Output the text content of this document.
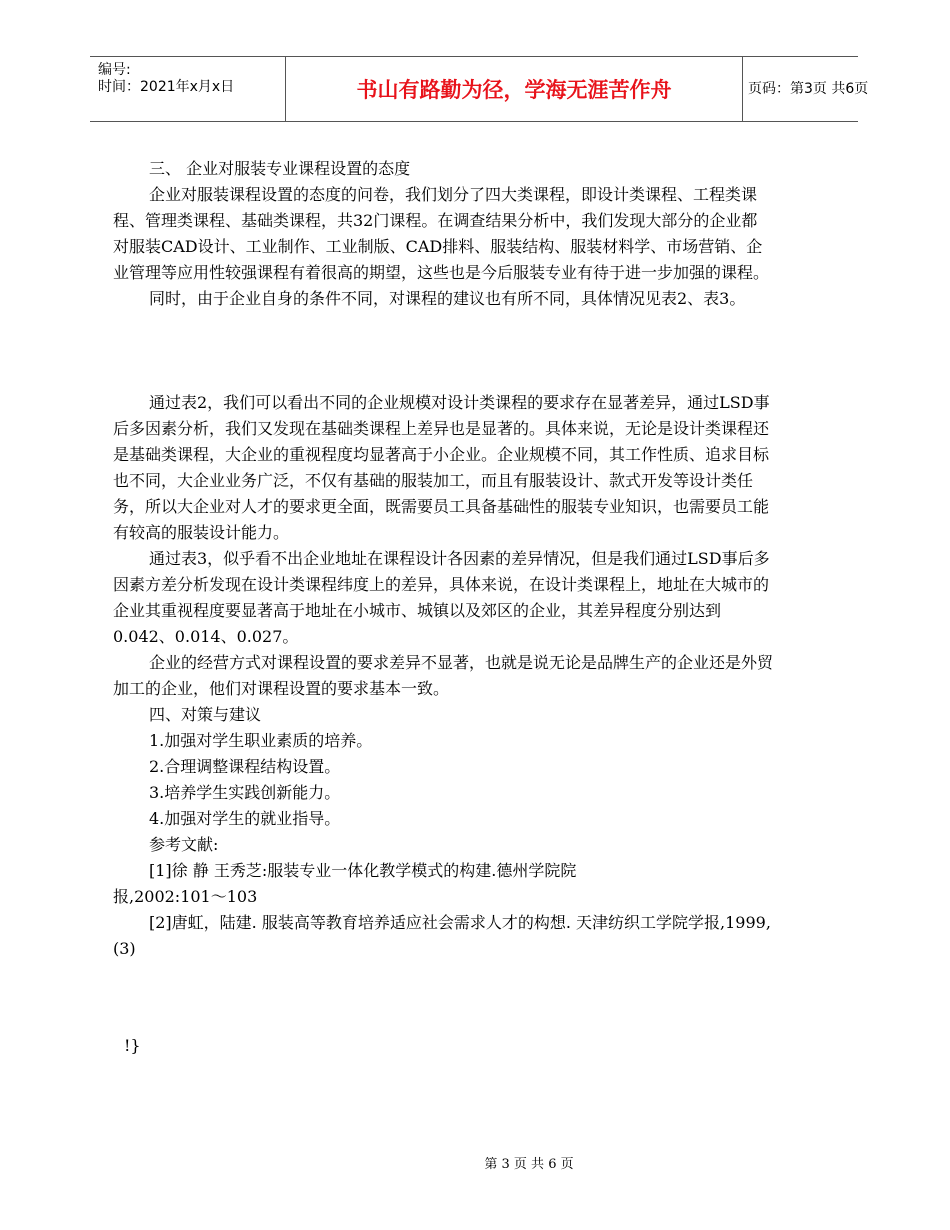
编号:
时间：2021年x月x日	书山有路勤为径，学海无涯苦作舟	页码：第3页 共6页

三、 企业对服装专业课程设置的态度

企业对服装课程设置的态度的问卷，我们划分了四大类课程，即设计类课程、工程类课程、管理类课程、基础类课程，共32门课程。在调查结果分析中，我们发现大部分的企业都对服装CAD设计、工业制作、工业制版、CAD排料、服装结构、服装材料学、市场营销、企业管理等应用性较强课程有着很高的期望，这些也是今后服装专业有待于进一步加强的课程。

同时，由于企业自身的条件不同，对课程的建议也有所不同，具体情况见表2、表3。

通过表2，我们可以看出不同的企业规模对设计类课程的要求存在显著差异，通过LSD事后多因素分析，我们又发现在基础类课程上差异也是显著的。具体来说，无论是设计类课程还是基础类课程，大企业的重视程度均显著高于小企业。企业规模不同，其工作性质、追求目标也不同，大企业业务广泛，不仅有基础的服装加工，而且有服装设计、款式开发等设计类任务，所以大企业对人才的要求更全面，既需要员工具备基础性的服装专业知识，也需要员工能有较高的服装设计能力。

通过表3，似乎看不出企业地址在课程设计各因素的差异情况，但是我们通过LSD事后多因素方差分析发现在设计类课程纬度上的差异，具体来说，在设计类课程上，地址在大城市的企业其重视程度要显著高于地址在小城市、城镇以及郊区的企业，其差异程度分别达到0.042、0.014、0.027。

企业的经营方式对课程设置的要求差异不显著，也就是说无论是品牌生产的企业还是外贸加工的企业，他们对课程设置的要求基本一致。

四、对策与建议

1.加强对学生职业素质的培养。

2.合理调整课程结构设置。

3.培养学生实践创新能力。

4.加强对学生的就业指导。

参考文献:

[1]徐 静 王秀芝:服装专业一体化教学模式的构建.德州学院院

报,2002:101～103

[2]唐虹，陆建. 服装高等教育培养适应社会需求人才的构想. 天津纺织工学院学报,1999,(3)

!}
第 3 页 共 6 页
